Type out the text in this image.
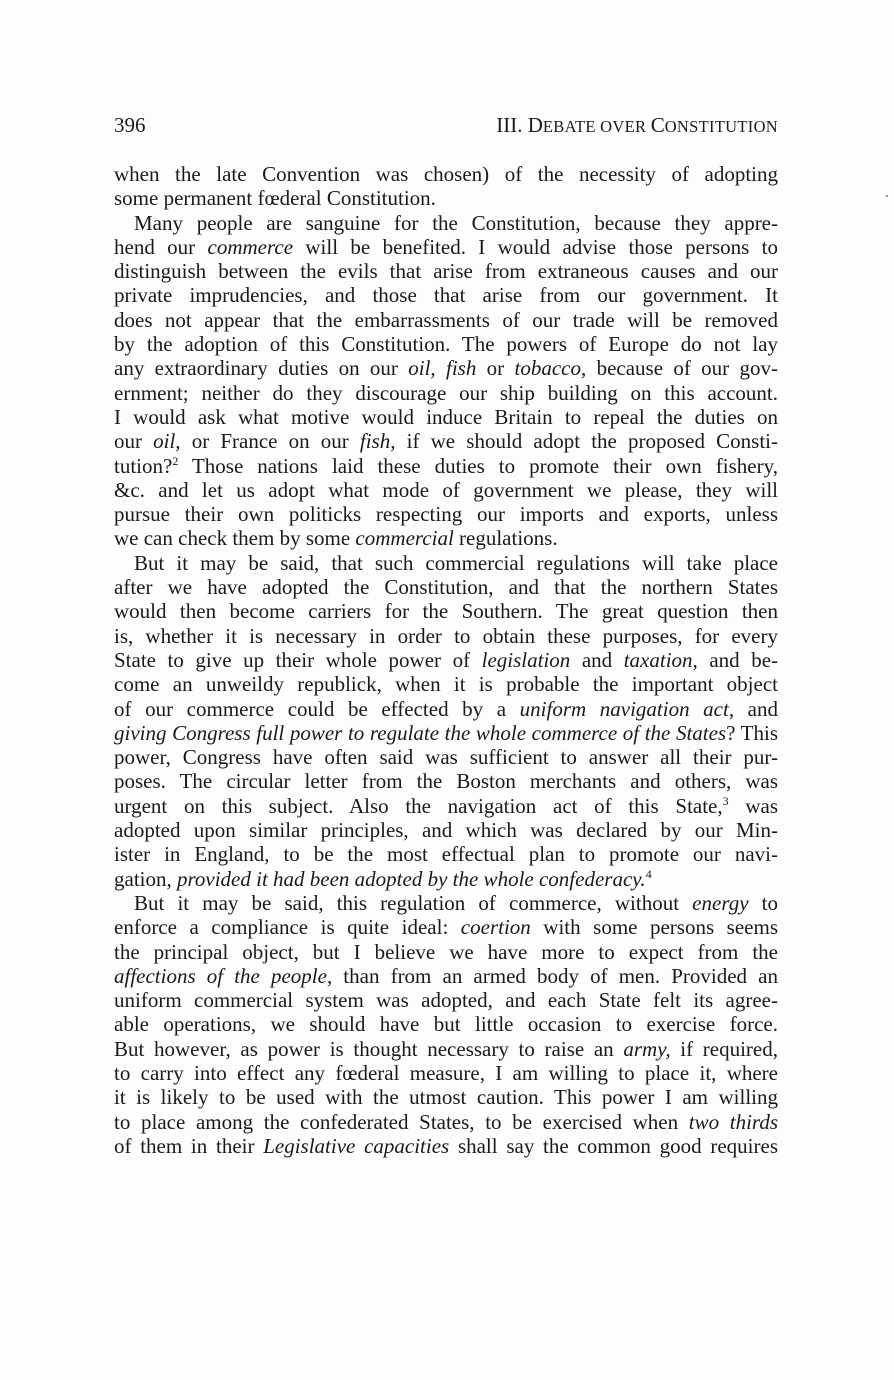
396	III. DEBATE OVER CONSTITUTION
when the late Convention was chosen) of the necessity of adopting
some permanent fœderal Constitution.
Many people are sanguine for the Constitution, because they appre-
hend our commerce will be benefited. I would advise those persons to
distinguish between the evils that arise from extraneous causes and our
private imprudencies, and those that arise from our government. It
does not appear that the embarrassments of our trade will be removed
by the adoption of this Constitution. The powers of Europe do not lay
any extraordinary duties on our oil, fish or tobacco, because of our gov-
ernment; neither do they discourage our ship building on this account.
I would ask what motive would induce Britain to repeal the duties on
our oil, or France on our fish, if we should adopt the proposed Consti-
tution?$^2$ Those nations laid these duties to promote their own fishery,
&c. and let us adopt what mode of government we please, they will
pursue their own politicks respecting our imports and exports, unless
we can check them by some commercial regulations.
But it may be said, that such commercial regulations will take place
after we have adopted the Constitution, and that the northern States
would then become carriers for the Southern. The great question then
is, whether it is necessary in order to obtain these purposes, for every
State to give up their whole power of legislation and taxation, and be-
come an unweildy republick, when it is probable the important object
of our commerce could be effected by a uniform navigation act, and
giving Congress full power to regulate the whole commerce of the States? This
power, Congress have often said was sufficient to answer all their pur-
poses. The circular letter from the Boston merchants and others, was
urgent on this subject. Also the navigation act of this State,$^3$ was
adopted upon similar principles, and which was declared by our Min-
ister in England, to be the most effectual plan to promote our navi-
gation, provided it had been adopted by the whole confederacy.$^4$
But it may be said, this regulation of commerce, without energy to
enforce a compliance is quite ideal: coertion with some persons seems
the principal object, but I believe we have more to expect from the
affections of the people, than from an armed body of men. Provided an
uniform commercial system was adopted, and each State felt its agree-
able operations, we should have but little occasion to exercise force.
But however, as power is thought necessary to raise an army, if required,
to carry into effect any fœderal measure, I am willing to place it, where
it is likely to be used with the utmost caution. This power I am willing
to place among the confederated States, to be exercised when two thirds
of them in their Legislative capacities shall say the common good requires
